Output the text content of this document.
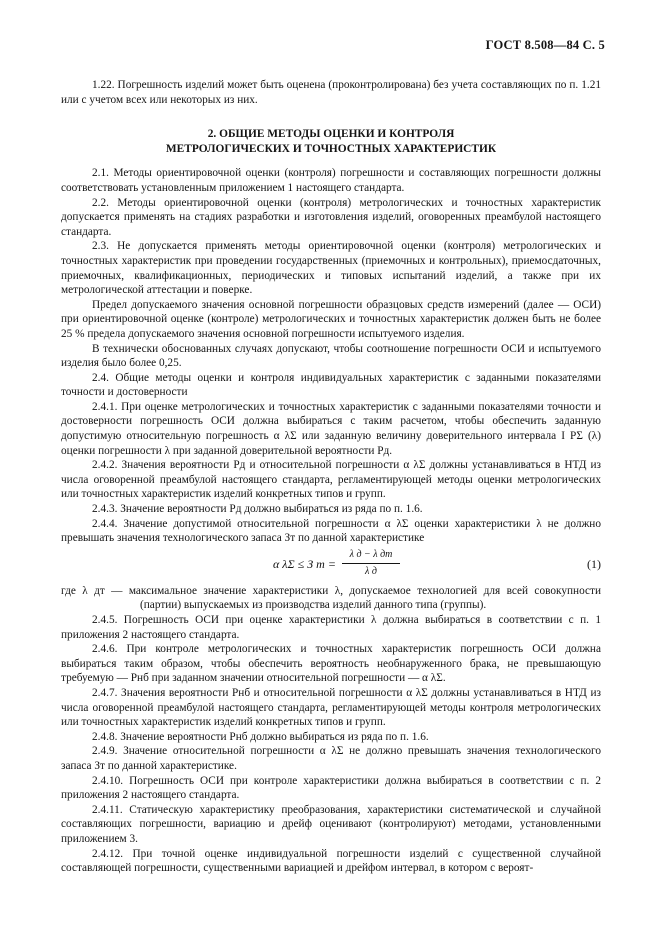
ГОСТ 8.508—84 С. 5

1.22. Погрешность изделий может быть оценена (проконтролирована) без учета составляющих по п. 1.21 или с учетом всех или некоторых из них.

2. ОБЩИЕ МЕТОДЫ ОЦЕНКИ И КОНТРОЛЯ

МЕТРОЛОГИЧЕСКИХ И ТОЧНОСТНЫХ ХАРАКТЕРИСТИК

2.1. Методы ориентировочной оценки (контроля) погрешности и составляющих погрешности должны соответствовать установленным приложением 1 настоящего стандарта.

2.2. Методы ориентировочной оценки (контроля) метрологических и точностных характеристик допускается применять на стадиях разработки и изготовления изделий, оговоренных преамбулой настоящего стандарта.

2.3. Не допускается применять методы ориентировочной оценки (контроля) метрологических и точностных характеристик при проведении государственных (приемочных и контрольных), приемосдаточных, приемочных, квалификационных, периодических и типовых испытаний изделий, а также при их метрологической аттестации и поверке.

Предел допускаемого значения основной погрешности образцовых средств измерений (далее — ОСИ) при ориентировочной оценке (контроле) метрологических и точностных характеристик должен быть не более 25 % предела допускаемого значения основной погрешности испытуемого изделия.

В технически обоснованных случаях допускают, чтобы соотношение погрешности ОСИ и испытуемого изделия было более 0,25.

2.4. Общие методы оценки и контроля индивидуальных характеристик с заданными показателями точности и достоверности

2.4.1. При оценке метрологических и точностных характеристик с заданными показателями точности и достоверности погрешность ОСИ должна выбираться с таким расчетом, чтобы обеспечить заданную допустимую относительную погрешность α λΣ или заданную величину доверительного интервала I PΣ (λ) оценки погрешности λ при заданной доверительной вероятности Pд.

2.4.2. Значения вероятности Pд и относительной погрешности α λΣ должны устанавливаться в НТД из числа оговоренной преамбулой настоящего стандарта, регламентирующей методы оценки метрологических или точностных характеристик изделий конкретных типов и групп.

2.4.3. Значение вероятности Pд должно выбираться из ряда по п. 1.6.

2.4.4. Значение допустимой относительной погрешности α λΣ оценки характеристики λ не должно превышать значения технологического запаса Зт по данной характеристике

α λΣ ≤ З т =
λ д − λ дт
λ д
(1)

где λ дт — максимальное значение характеристики λ, допускаемое технологией для всей совокупности (партии) выпускаемых из производства изделий данного типа (группы).

2.4.5. Погрешность ОСИ при оценке характеристики λ должна выбираться в соответствии с п. 1 приложения 2 настоящего стандарта.

2.4.6. При контроле метрологических и точностных характеристик погрешность ОСИ должна выбираться таким образом, чтобы обеспечить вероятность необнаруженного брака, не превышающую требуемую — Pнб при заданном значении относительной погрешности — α λΣ.

2.4.7. Значения вероятности Pнб и относительной погрешности α λΣ должны устанавливаться в НТД из числа оговоренной преамбулой настоящего стандарта, регламентирующей методы контроля метрологических или точностных характеристик изделий конкретных типов и групп.

2.4.8. Значение вероятности Pнб должно выбираться из ряда по п. 1.6.

2.4.9. Значение относительной погрешности α λΣ не должно превышать значения технологического запаса Зт по данной характеристике.

2.4.10. Погрешность ОСИ при контроле характеристики должна выбираться в соответствии с п. 2 приложения 2 настоящего стандарта.

2.4.11. Статическую характеристику преобразования, характеристики систематической и случайной составляющих погрешности, вариацию и дрейф оценивают (контролируют) методами, установленными приложением 3.

2.4.12. При точной оценке индивидуальной погрешности изделий с существенной случайной составляющей погрешности, существенными вариацией и дрейфом интервал, в котором с вероят-
